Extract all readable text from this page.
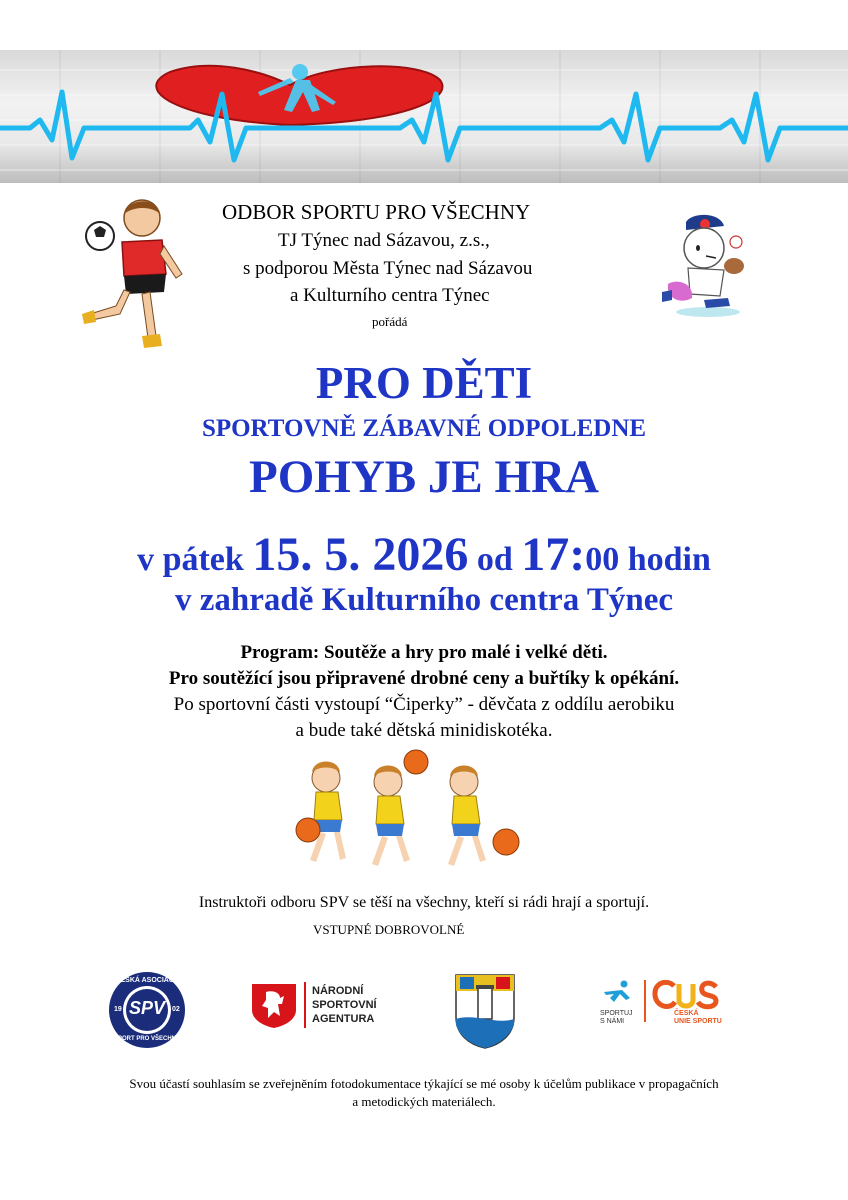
ODBOR SPORTU PRO VŠECHNY
TJ Týnec nad Sázavou, z.s.,
s podporou Města Týnec nad Sázavou
a Kulturního centra Týnec
pořádá
PRO DĚTI
SPORTOVNĚ ZÁBAVNÉ ODPOLEDNE
POHYB JE HRA
v pátek 15. 5. 2026 od 17:00 hodin
v zahradě Kulturního centra Týnec
Program: Soutěže a hry pro malé i velké děti.
Pro soutěžící jsou připravené drobné ceny a buřtíky k opékání.
Po sportovní části vystoupí “Čiperky” - děvčata z oddílu aerobiku
a bude také dětská minidiskotéka.
Instruktoři odboru SPV se těší na všechny, kteří si rádi hrají a sportují.
VSTUPNÉ DOBROVOLNÉ
ČESKÁ ASOCIACE
SPV
19	02
SPORT PRO VŠECHNY
NÁRODNÍ
SPORTOVNÍ
AGENTURA	SPORTUJ
S NÁMI
ČESKÁ
UNIE SPORTU
Svou účastí souhlasím se zveřejněním fotodokumentace týkající se mé osoby k účelům publikace v propagačních
a metodických materiálech.
